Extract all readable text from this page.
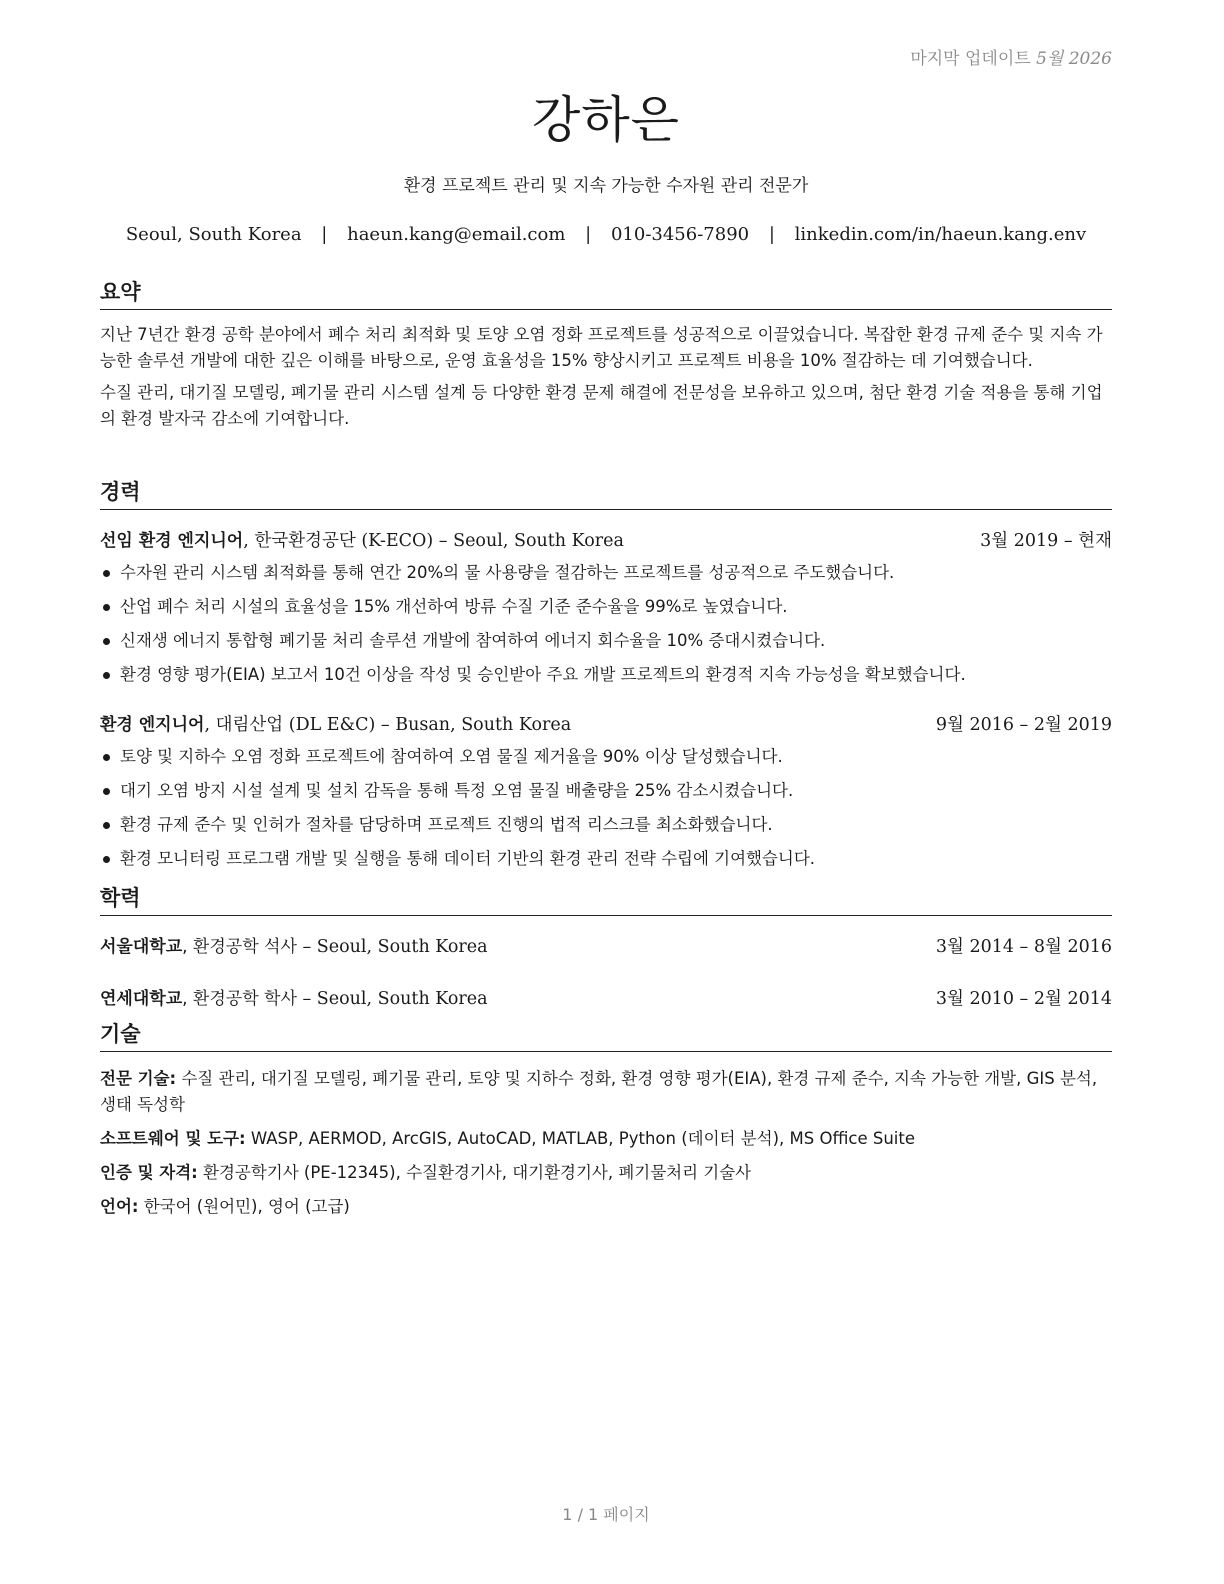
마지막 업데이트 5월 2026
강하은
환경 프로젝트 관리 및 지속 가능한 수자원 관리 전문가
Seoul, South Korea | haeun.kang@email.com | 010-3456-7890 | linkedin.com/in/haeun.kang.env
요약

지난 7년간 환경 공학 분야에서 폐수 처리 최적화 및 토양 오염 정화 프로젝트를 성공적으로 이끌었습니다. 복잡한 환경 규제 준수 및 지속 가능한 솔루션 개발에 대한 깊은 이해를 바탕으로, 운영 효율성을 15% 향상시키고 프로젝트 비용을 10% 절감하는 데 기여했습니다.

수질 관리, 대기질 모델링, 폐기물 관리 시스템 설계 등 다양한 환경 문제 해결에 전문성을 보유하고 있으며, 첨단 환경 기술 적용을 통해 기업의 환경 발자국 감소에 기여합니다.

경력
선임 환경 엔지니어, 한국환경공단 (K-ECO) – Seoul, South Korea	3월 2019 – 현재
수자원 관리 시스템 최적화를 통해 연간 20%의 물 사용량을 절감하는 프로젝트를 성공적으로 주도했습니다.
산업 폐수 처리 시설의 효율성을 15% 개선하여 방류 수질 기준 준수율을 99%로 높였습니다.
신재생 에너지 통합형 폐기물 처리 솔루션 개발에 참여하여 에너지 회수율을 10% 증대시켰습니다.
환경 영향 평가(EIA) 보고서 10건 이상을 작성 및 승인받아 주요 개발 프로젝트의 환경적 지속 가능성을 확보했습니다.
환경 엔지니어, 대림산업 (DL E&C) – Busan, South Korea	9월 2016 – 2월 2019
토양 및 지하수 오염 정화 프로젝트에 참여하여 오염 물질 제거율을 90% 이상 달성했습니다.
대기 오염 방지 시설 설계 및 설치 감독을 통해 특정 오염 물질 배출량을 25% 감소시켰습니다.
환경 규제 준수 및 인허가 절차를 담당하며 프로젝트 진행의 법적 리스크를 최소화했습니다.
환경 모니터링 프로그램 개발 및 실행을 통해 데이터 기반의 환경 관리 전략 수립에 기여했습니다.
학력
서울대학교, 환경공학 석사 – Seoul, South Korea	3월 2014 – 8월 2016
연세대학교, 환경공학 학사 – Seoul, South Korea	3월 2010 – 2월 2014
기술
전문 기술: 수질 관리, 대기질 모델링, 폐기물 관리, 토양 및 지하수 정화, 환경 영향 평가(EIA), 환경 규제 준수, 지속 가능한 개발, GIS 분석, 생태 독성학
소프트웨어 및 도구: WASP, AERMOD, ArcGIS, AutoCAD, MATLAB, Python (데이터 분석), MS Office Suite
인증 및 자격: 환경공학기사 (PE-12345), 수질환경기사, 대기환경기사, 폐기물처리 기술사
언어: 한국어 (원어민), 영어 (고급)
1 / 1 페이지
